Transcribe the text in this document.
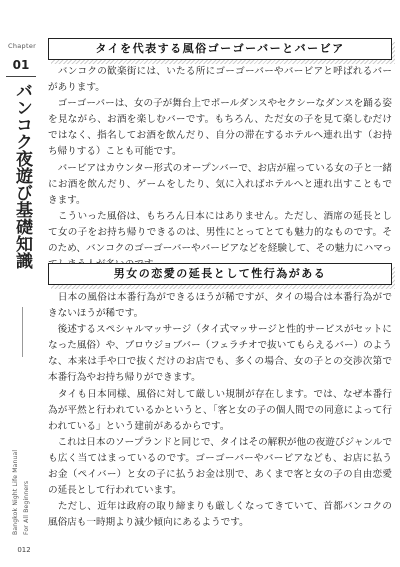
Chapter
01
バンコク夜遊び基礎知識
Bangkok Night Life Manual For All Beginners
012
タイを代表する風俗ゴーゴーバーとバービア

　バンコクの歓楽街には、いたる所にゴーゴーバーやバービアと呼ばれるバーがあります。

　ゴーゴーバーは、女の子が舞台上でポールダンスやセクシーなダンスを踊る姿を見ながら、お酒を楽しむバーです。もちろん、ただ女の子を見て楽しむだけではなく、指名してお酒を飲んだり、自分の滞在するホテルへ連れ出す（お持ち帰りする）ことも可能です。

　バービアはカウンター形式のオープンバーで、お店が雇っている女の子と一緒にお酒を飲んだり、ゲームをしたり、気に入ればホテルへと連れ出すこともできます。

　こういった風俗は、もちろん日本にはありません。ただし、酒席の延長として女の子をお持ち帰りできるのは、男性にとってとても魅力的なものです。そのため、バンコクのゴーゴーバーやバービアなどを経験して、その魅力にハマっ

男女の恋愛の延長として性行為がある

　日本の風俗は本番行為ができるほうが稀ですが、タイの場合は本番行為ができないほうが稀です。

　後述するスペシャルマッサージ（タイ式マッサージと性的サービスがセットになった風俗）や、ブロウジョブバー（フェラチオで抜いてもらえるバー）のような、本来は手や口で抜くだけのお店でも、多くの場合、女の子との交渉次第で本番行為やお持ち帰りができます。

　タイも日本同様、風俗に対して厳しい規制が存在します。では、なぜ本番行為が平然と行われているかというと、「客と女の子の個人間での同意によって行われている」という建前があるからです。

　これは日本のソープランドと同じで、タイはその解釈が他の夜遊びジャンルでも広く当てはまっているのです。ゴーゴーバーやバービアなども、お店に払うお金（ペイバー）と女の子に払うお金は別で、あくまで客と女の子の自由恋愛の延長として行われています。

　ただし、近年は政府の取り締まりも厳しくなってきていて、首都バンコクの風俗店も一時期より減少傾向にあるようです。
